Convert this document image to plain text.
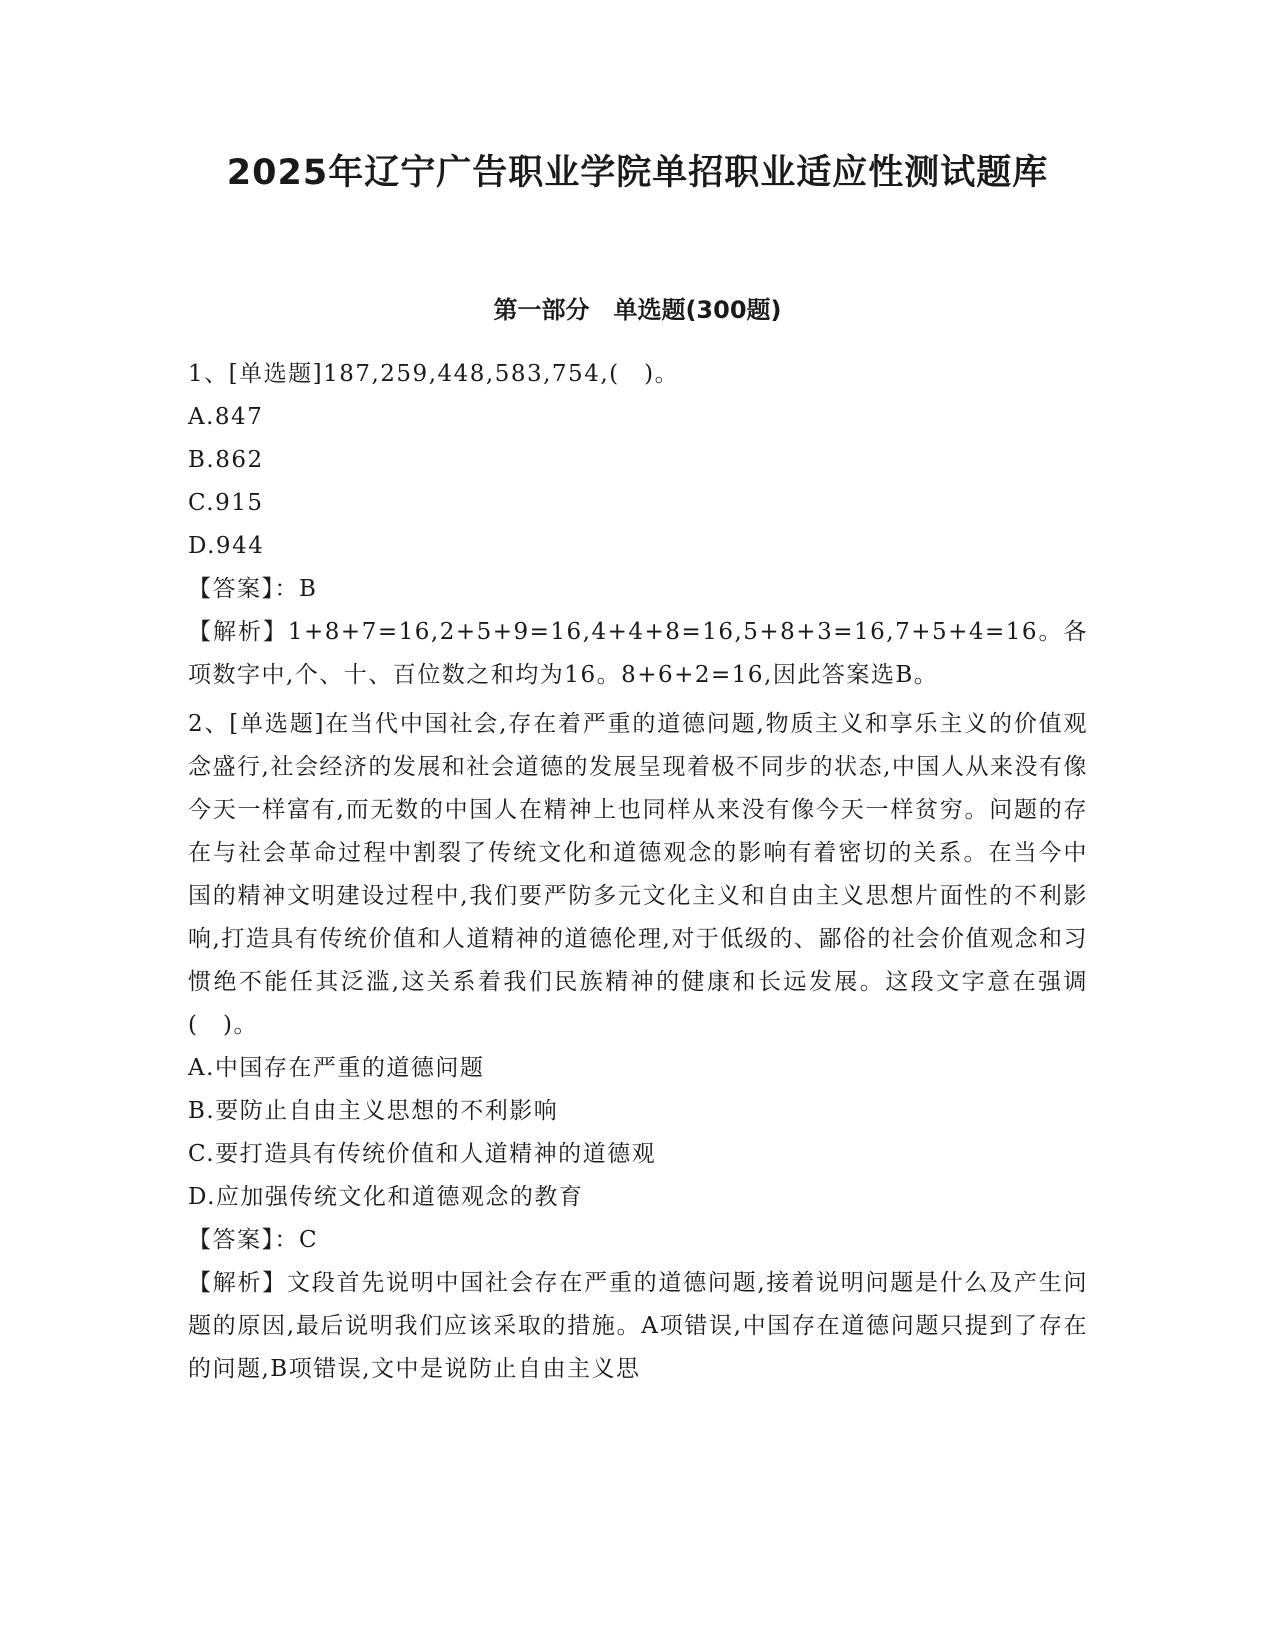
2025年辽宁广告职业学院单招职业适应性测试题库
第一部分　单选题(300题)

1、[单选题]187,259,448,583,754,(　)。

A.847

B.862

C.915

D.944

【答案】：B

【解析】1+8+7=16,2+5+9=16,4+4+8=16,5+8+3=16,7+5+4=16。各项数字中,个、十、百位数之和均为16。8+6+2=16,因此答案选B。

2、[单选题]在当代中国社会,存在着严重的道德问题,物质主义和享乐主义的价值观念盛行,社会经济的发展和社会道德的发展呈现着极不同步的状态,中国人从来没有像今天一样富有,而无数的中国人在精神上也同样从来没有像今天一样贫穷。问题的存在与社会革命过程中割裂了传统文化和道德观念的影响有着密切的关系。在当今中国的精神文明建设过程中,我们要严防多元文化主义和自由主义思想片面性的不利影响,打造具有传统价值和人道精神的道德伦理,对于低级的、鄙俗的社会价值观念和习惯绝不能任其泛滥,这关系着我们民族精神的健康和长远发展。这段文字意在强调(　)。

A.中国存在严重的道德问题

B.要防止自由主义思想的不利影响

C.要打造具有传统价值和人道精神的道德观

D.应加强传统文化和道德观念的教育

【答案】：C

【解析】文段首先说明中国社会存在严重的道德问题,接着说明问题是什么及产生问题的原因,最后说明我们应该采取的措施。A项错误,中国存在道德问题只提到了存在的问题,B项错误,文中是说防止自由主义思
